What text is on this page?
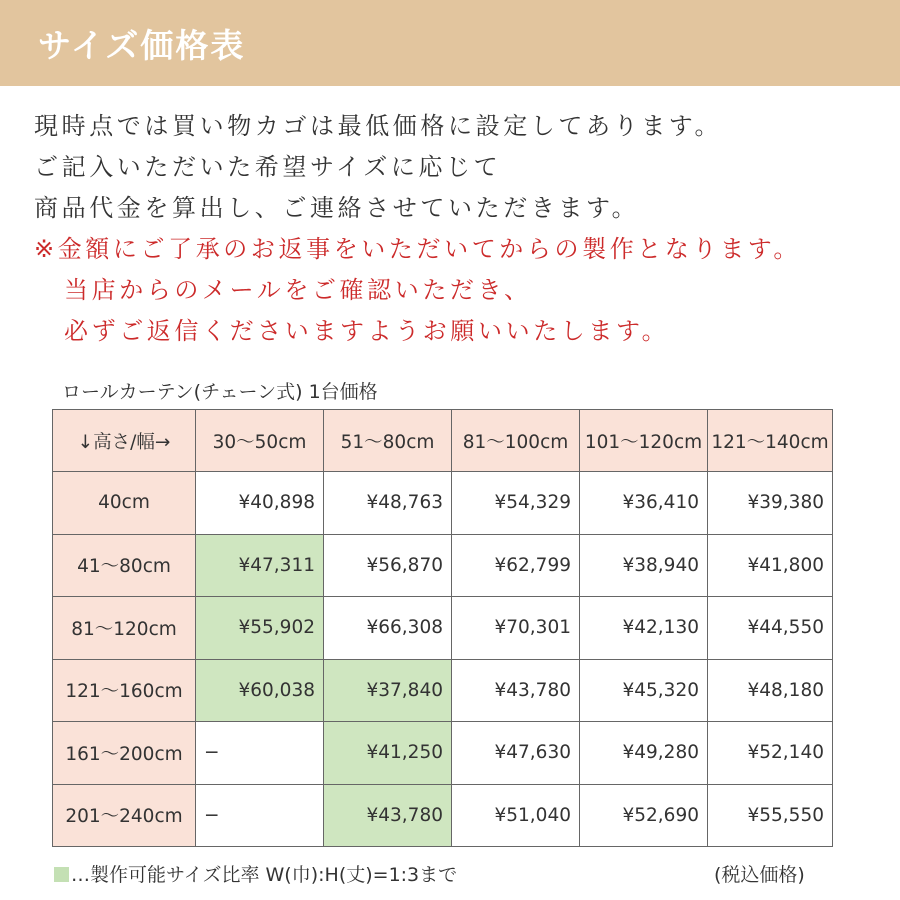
サイズ価格表
現時点では買い物カゴは最低価格に設定してあります。
ご記入いただいた希望サイズに応じて
商品代金を算出し、ご連絡させていただきます。
※金額にご了承のお返事をいただいてからの製作となります。
当店からのメールをご確認いただき、
必ずご返信くださいますようお願いいたします。
ロールカーテン(チェーン式) 1台価格
↓高さ/幅→	30〜50cm	51〜80cm	81〜100cm	101〜120cm	121〜140cm
40cm	¥40,898	¥48,763	¥54,329	¥36,410	¥39,380
41〜80cm	¥47,311	¥56,870	¥62,799	¥38,940	¥41,800
81〜120cm	¥55,902	¥66,308	¥70,301	¥42,130	¥44,550
121〜160cm	¥60,038	¥37,840	¥43,780	¥45,320	¥48,180
161〜200cm	−	¥41,250	¥47,630	¥49,280	¥52,140
201〜240cm	−	¥43,780	¥51,040	¥52,690	¥55,550
…製作可能サイズ比率 W(巾):H(丈)=1:3まで	(税込価格)
